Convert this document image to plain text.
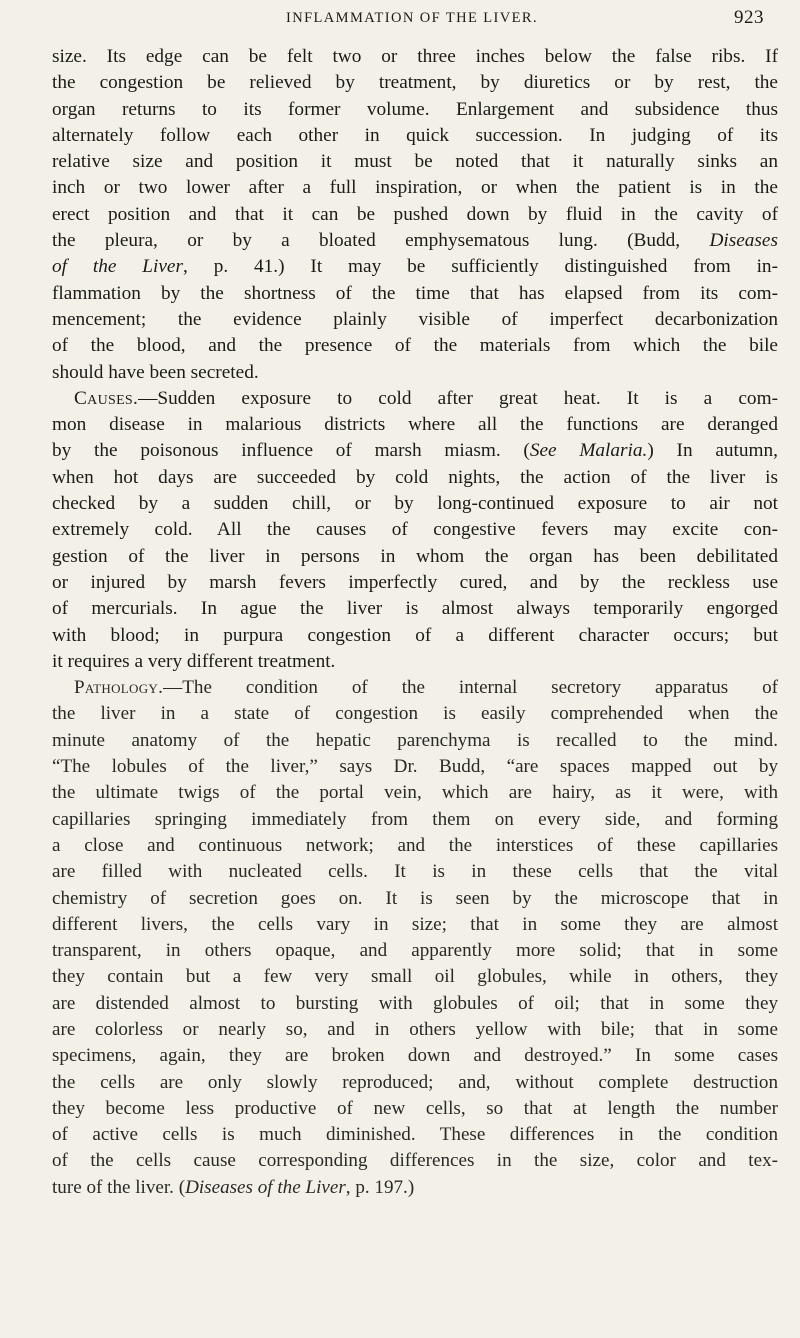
INFLAMMATION OF THE LIVER.	923
size. Its edge can be felt two or three inches below the false ribs. If
the congestion be relieved by treatment, by diuretics or by rest, the
organ returns to its former volume. Enlargement and subsidence thus
alternately follow each other in quick succession. In judging of its
relative size and position it must be noted that it naturally sinks an
inch or two lower after a full inspiration, or when the patient is in the
erect position and that it can be pushed down by fluid in the cavity of
the pleura, or by a bloated emphysematous lung. (Budd, Diseases
of the Liver, p. 41.) It may be sufficiently distinguished from in-
flammation by the shortness of the time that has elapsed from its com-
mencement; the evidence plainly visible of imperfect decarbonization
of the blood, and the presence of the materials from which the bile
should have been secreted.
Causes.—Sudden exposure to cold after great heat. It is a com-
mon disease in malarious districts where all the functions are deranged
by the poisonous influence of marsh miasm. (See Malaria.) In autumn,
when hot days are succeeded by cold nights, the action of the liver is
checked by a sudden chill, or by long-continued exposure to air not
extremely cold. All the causes of congestive fevers may excite con-
gestion of the liver in persons in whom the organ has been debilitated
or injured by marsh fevers imperfectly cured, and by the reckless use
of mercurials. In ague the liver is almost always temporarily engorged
with blood; in purpura congestion of a different character occurs; but
it requires a very different treatment.
Pathology.—The condition of the internal secretory apparatus of
the liver in a state of congestion is easily comprehended when the
minute anatomy of the hepatic parenchyma is recalled to the mind.
“The lobules of the liver,” says Dr. Budd, “are spaces mapped out by
the ultimate twigs of the portal vein, which are hairy, as it were, with
capillaries springing immediately from them on every side, and forming
a close and continuous network; and the interstices of these capillaries
are filled with nucleated cells. It is in these cells that the vital
chemistry of secretion goes on. It is seen by the microscope that in
different livers, the cells vary in size; that in some they are almost
transparent, in others opaque, and apparently more solid; that in some
they contain but a few very small oil globules, while in others, they
are distended almost to bursting with globules of oil; that in some they
are colorless or nearly so, and in others yellow with bile; that in some
specimens, again, they are broken down and destroyed.” In some cases
the cells are only slowly reproduced; and, without complete destruction
they become less productive of new cells, so that at length the number
of active cells is much diminished. These differences in the condition
of the cells cause corresponding differences in the size, color and tex-
ture of the liver. (Diseases of the Liver, p. 197.)
